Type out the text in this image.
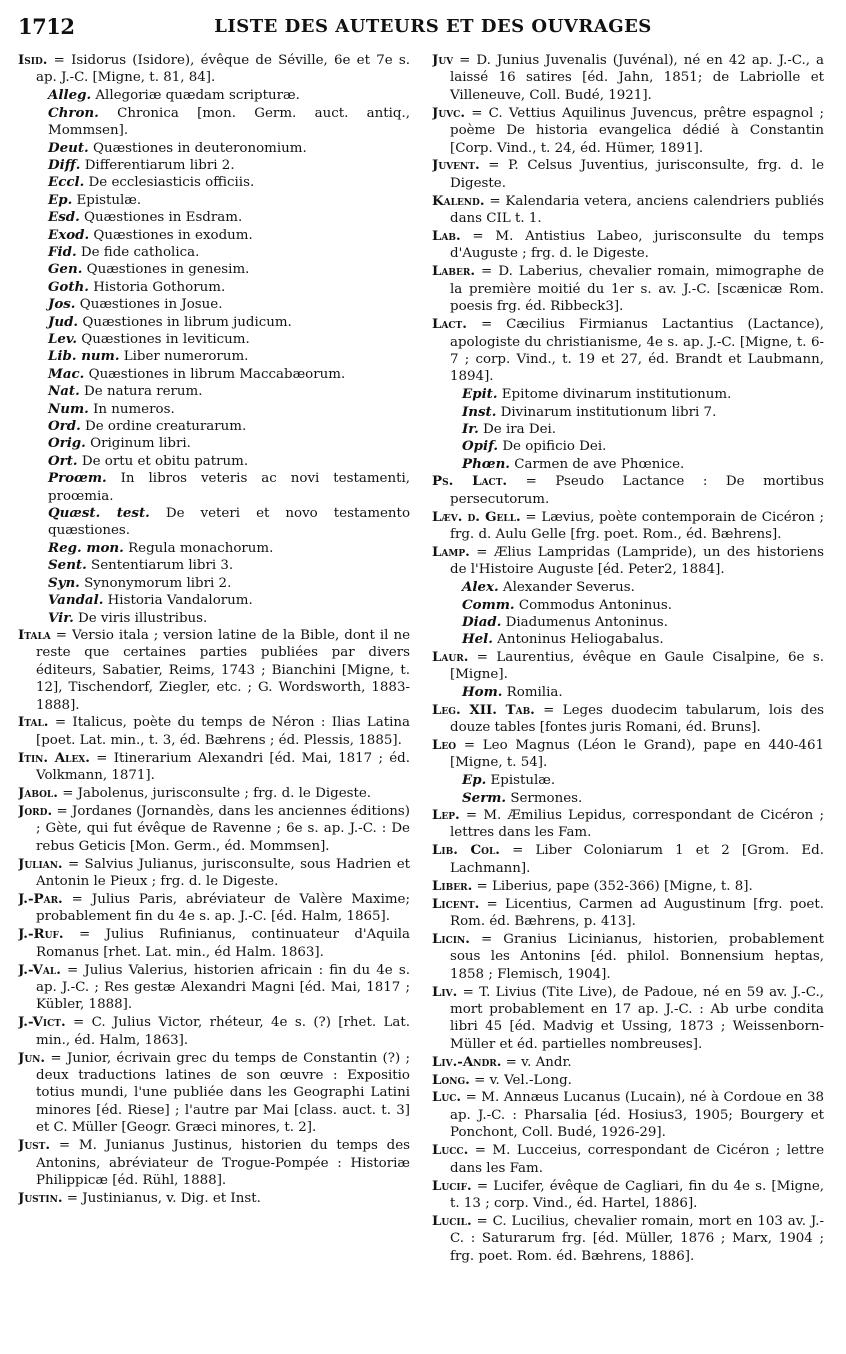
1712	LISTE DES AUTEURS ET DES OUVRAGES

Isid. = Isidorus (Isidore), évêque de Séville, 6e et 7e s. ap. J.-C. [Migne, t. 81, 84].

Alleg. Allegoriæ quædam scripturæ.

Chron. Chronica [mon. Germ. auct. antiq., Mommsen].

Deut. Quæstiones in deuteronomium.

Diff. Differentiarum libri 2.

Eccl. De ecclesiasticis officiis.

Ep. Epistulæ.

Esd. Quæstiones in Esdram.

Exod. Quæstiones in exodum.

Fid. De fide catholica.

Gen. Quæstiones in genesim.

Goth. Historia Gothorum.

Jos. Quæstiones in Josue.

Jud. Quæstiones in librum judicum.

Lev. Quæstiones in leviticum.

Lib. num. Liber numerorum.

Mac. Quæstiones in librum Maccabæorum.

Nat. De natura rerum.

Num. In numeros.

Ord. De ordine creaturarum.

Orig. Originum libri.

Ort. De ortu et obitu patrum.

Proœm. In libros veteris ac novi testamenti, proœmia.

Quæst. test. De veteri et novo testamento quæstiones.

Reg. mon. Regula monachorum.

Sent. Sententiarum libri 3.

Syn. Synonymorum libri 2.

Vandal. Historia Vandalorum.

Vir. De viris illustribus.

Itala = Versio itala ; version latine de la Bible, dont il ne reste que certaines parties publiées par divers éditeurs, Sabatier, Reims, 1743 ; Bianchini [Migne, t. 12], Tischendorf, Ziegler, etc. ; G. Wordsworth, 1883-1888].

Ital. = Italicus, poète du temps de Néron : Ilias Latina [poet. Lat. min., t. 3, éd. Bæhrens ; éd. Plessis, 1885].

Itin. Alex. = Itinerarium Alexandri [éd. Mai, 1817 ; éd. Volkmann, 1871].

Jabol. = Jabolenus, jurisconsulte ; frg. d. le Digeste.

Jord. = Jordanes (Jornandès, dans les anciennes éditions) ; Gète, qui fut évêque de Ravenne ; 6e s. ap. J.-C. : De rebus Geticis [Mon. Germ., éd. Mommsen].

Julian. = Salvius Julianus, jurisconsulte, sous Hadrien et Antonin le Pieux ; frg. d. le Digeste.

J.-Par. = Julius Paris, abréviateur de Valère Maxime; probablement fin du 4e s. ap. J.-C. [éd. Halm, 1865].

J.-Ruf. = Julius Rufinianus, continuateur d'Aquila Romanus [rhet. Lat. min., éd Halm. 1863].

J.-Val. = Julius Valerius, historien africain : fin du 4e s. ap. J.-C. ; Res gestæ Alexandri Magni [éd. Mai, 1817 ; Kübler, 1888].

J.-Vict. = C. Julius Victor, rhéteur, 4e s. (?) [rhet. Lat. min., éd. Halm, 1863].

Jun. = Junior, écrivain grec du temps de Constantin (?) ; deux traductions latines de son œuvre : Expositio totius mundi, l'une publiée dans les Geographi Latini minores [éd. Riese] ; l'autre par Mai [class. auct. t. 3] et C. Müller [Geogr. Græci minores, t. 2].

Just. = M. Junianus Justinus, historien du temps des Antonins, abréviateur de Trogue-Pompée : Historiæ Philippicæ [éd. Rühl, 1888].

Justin. = Justinianus, v. Dig. et Inst.

Juv = D. Junius Juvenalis (Juvénal), né en 42 ap. J.-C., a laissé 16 satires [éd. Jahn, 1851; de Labriolle et Villeneuve, Coll. Budé, 1921].

Juvc. = C. Vettius Aquilinus Juvencus, prêtre espagnol ; poème De historia evangelica dédié à Constantin [Corp. Vind., t. 24, éd. Hümer, 1891].

Juvent. = P. Celsus Juventius, jurisconsulte, frg. d. le Digeste.

Kalend. = Kalendaria vetera, anciens calendriers publiés dans CIL t. 1.

Lab. = M. Antistius Labeo, jurisconsulte du temps d'Auguste ; frg. d. le Digeste.

Laber. = D. Laberius, chevalier romain, mimographe de la première moitié du 1er s. av. J.-C. [scænicæ Rom. poesis frg. éd. Ribbeck3].

Lact. = Cæcilius Firmianus Lactantius (Lactance), apologiste du christianisme, 4e s. ap. J.-C. [Migne, t. 6-7 ; corp. Vind., t. 19 et 27, éd. Brandt et Laubmann, 1894].

Epit. Epitome divinarum institutionum.

Inst. Divinarum institutionum libri 7.

Ir. De ira Dei.

Opif. De opificio Dei.

Phœn. Carmen de ave Phœnice.

Ps. Lact. = Pseudo Lactance : De mortibus persecutorum.

Læv. d. Gell. = Lævius, poète contemporain de Cicéron ; frg. d. Aulu Gelle [frg. poet. Rom., éd. Bæhrens].

Lamp. = Ælius Lampridas (Lampride), un des historiens de l'Histoire Auguste [éd. Peter2, 1884].

Alex. Alexander Severus.

Comm. Commodus Antoninus.

Diad. Diadumenus Antoninus.

Hel. Antoninus Heliogabalus.

Laur. = Laurentius, évêque en Gaule Cisalpine, 6e s. [Migne].

Hom. Romilia.

Leg. XII. Tab. = Leges duodecim tabularum, lois des douze tables [fontes juris Romani, éd. Bruns].

Leo = Leo Magnus (Léon le Grand), pape en 440-461 [Migne, t. 54].

Ep. Epistulæ.

Serm. Sermones.

Lep. = M. Æmilius Lepidus, correspondant de Cicéron ; lettres dans les Fam.

Lib. Col. = Liber Coloniarum 1 et 2 [Grom. Ed. Lachmann].

Liber. = Liberius, pape (352-366) [Migne, t. 8].

Licent. = Licentius, Carmen ad Augustinum [frg. poet. Rom. éd. Bæhrens, p. 413].

Licin. = Granius Licinianus, historien, probablement sous les Antonins [éd. philol. Bonnensium heptas, 1858 ; Flemisch, 1904].

Liv. = T. Livius (Tite Live), de Padoue, né en 59 av. J.-C., mort probablement en 17 ap. J.-C. : Ab urbe condita libri 45 [éd. Madvig et Ussing, 1873 ; Weissenborn-Müller et éd. partielles nombreuses].

Liv.-Andr. = v. Andr.

Long. = v. Vel.-Long.

Luc. = M. Annæus Lucanus (Lucain), né à Cordoue en 38 ap. J.-C. : Pharsalia [éd. Hosius3, 1905; Bourgery et Ponchont, Coll. Budé, 1926-29].

Lucc. = M. Lucceius, correspondant de Cicéron ; lettre dans les Fam.

Lucif. = Lucifer, évêque de Cagliari, fin du 4e s. [Migne, t. 13 ; corp. Vind., éd. Hartel, 1886].

Lucil. = C. Lucilius, chevalier romain, mort en 103 av. J.-C. : Saturarum frg. [éd. Müller, 1876 ; Marx, 1904 ; frg. poet. Rom. éd. Bæhrens, 1886].
